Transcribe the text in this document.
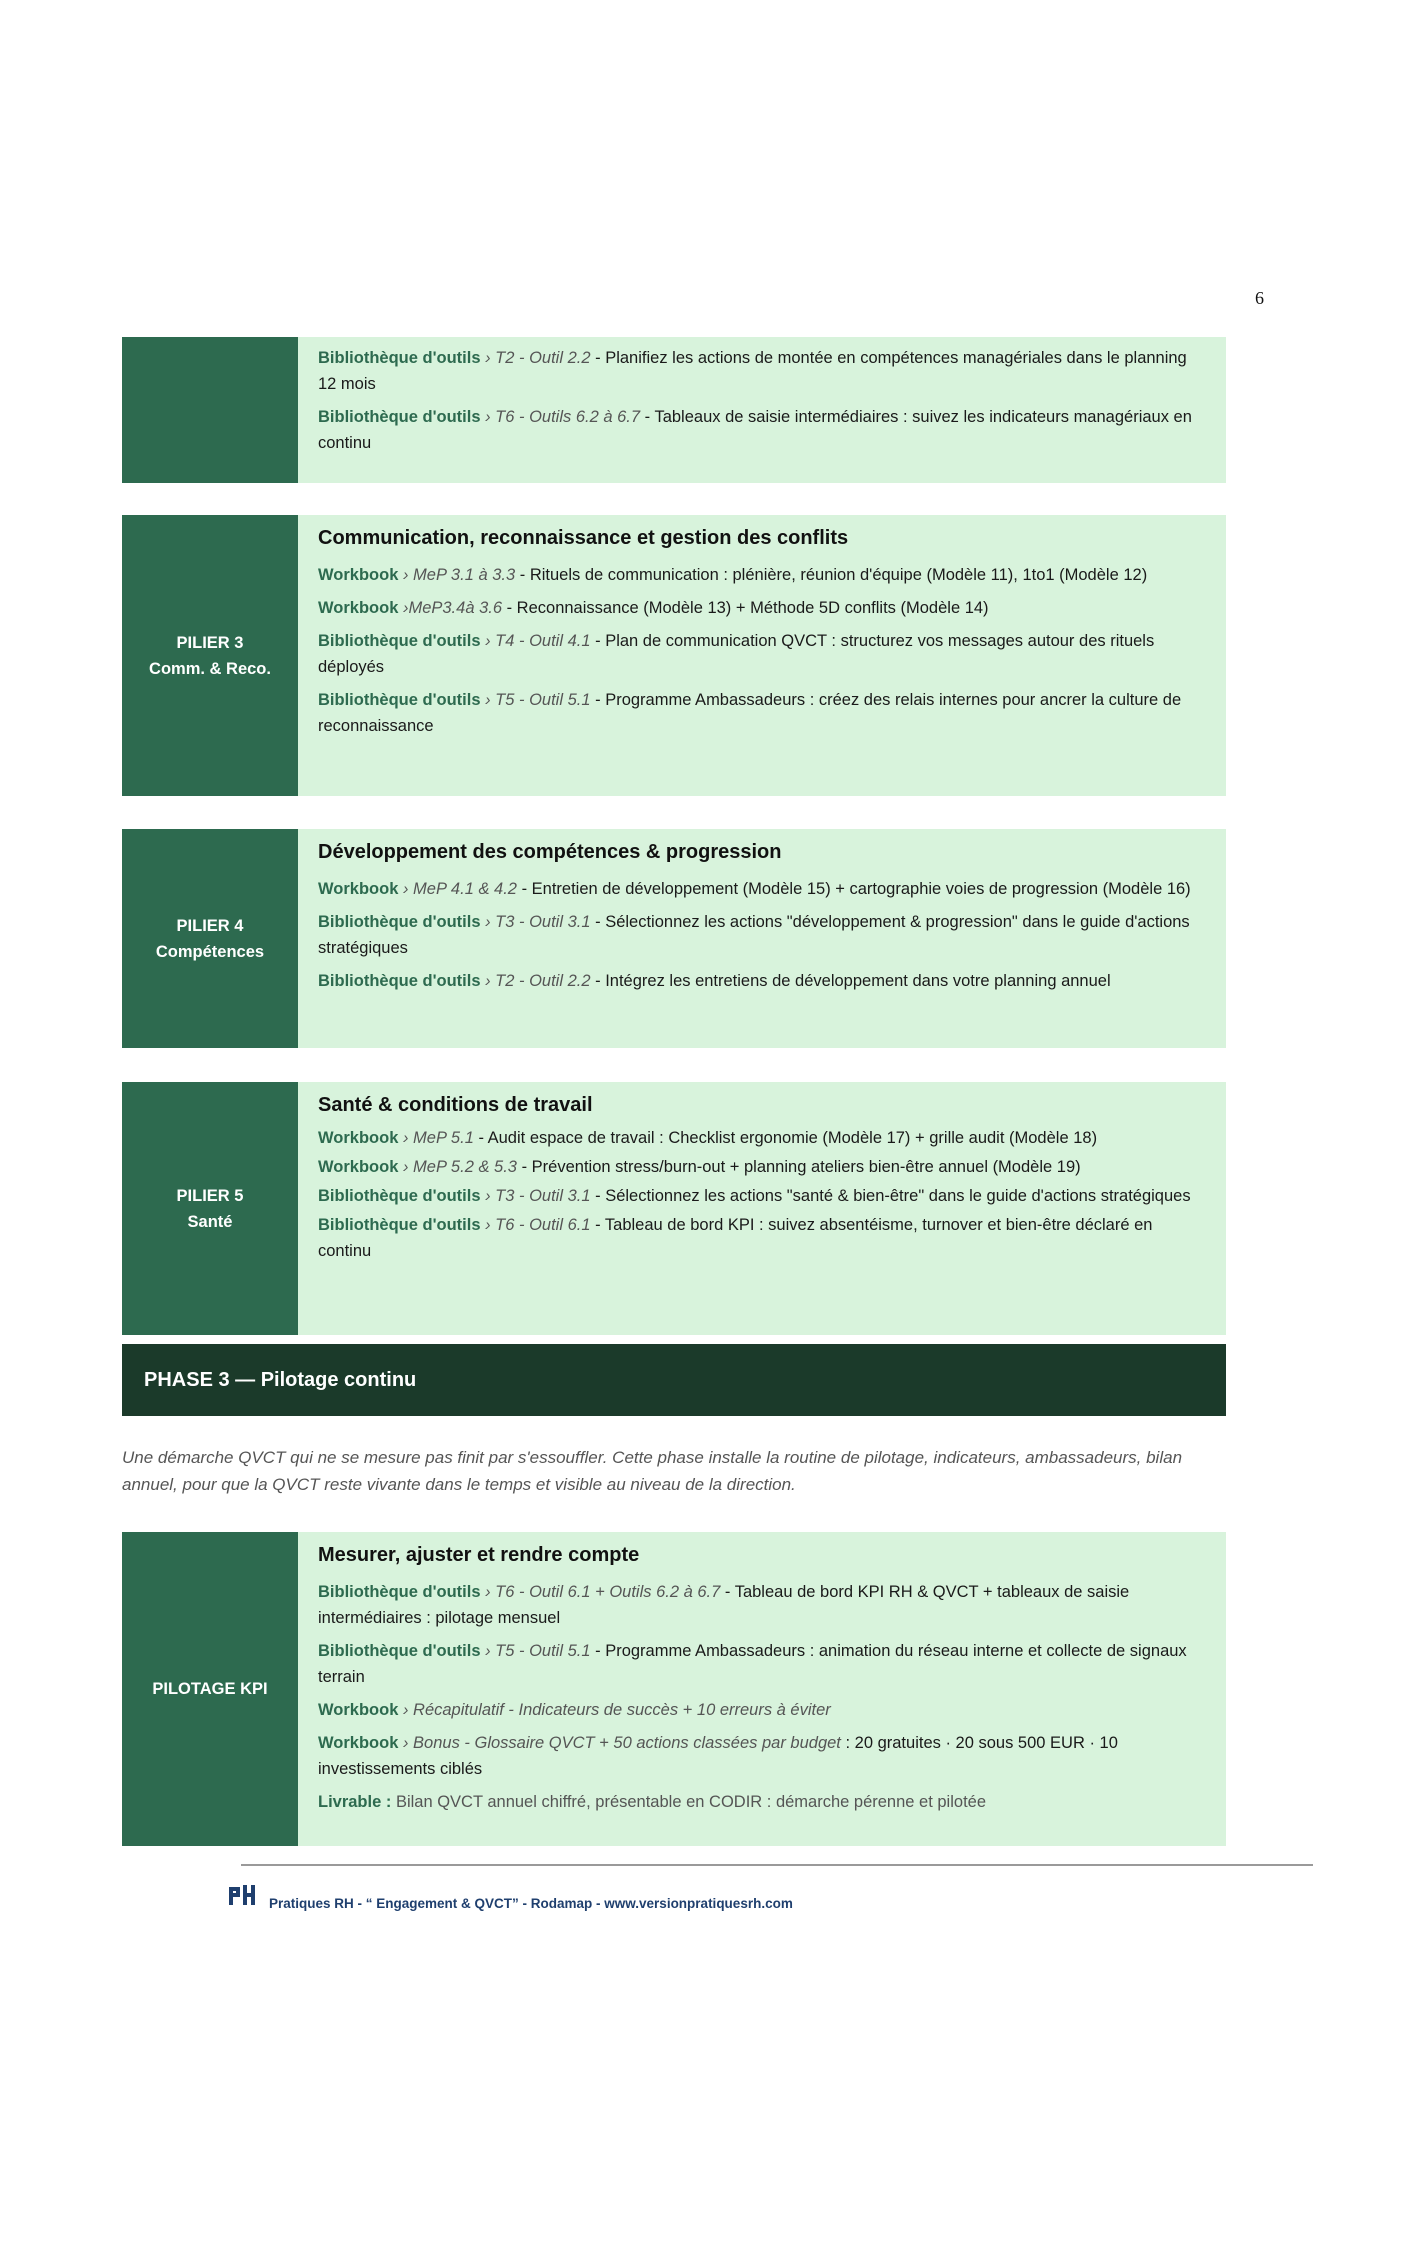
6
Bibliothèque d'outils › T2 - Outil 2.2 - Planifiez les actions de montée en compétences managériales dans le planning 12 mois
Bibliothèque d'outils › T6 - Outils 6.2 à 6.7 - Tableaux de saisie intermédiaires : suivez les indicateurs managériaux en continu
PILIER 3
Comm. & Reco.
Communication, reconnaissance et gestion des conflits
Workbook › MeP 3.1 à 3.3 - Rituels de communication : plénière, réunion d'équipe (Modèle 11), 1to1 (Modèle 12)
Workbook ›MeP3.4à 3.6 - Reconnaissance (Modèle 13) + Méthode 5D conflits (Modèle 14)
Bibliothèque d'outils › T4 - Outil 4.1 - Plan de communication QVCT : structurez vos messages autour des rituels déployés
Bibliothèque d'outils › T5 - Outil 5.1 - Programme Ambassadeurs : créez des relais internes pour ancrer la culture de reconnaissance
PILIER 4
Compétences
Développement des compétences & progression
Workbook › MeP 4.1 & 4.2 - Entretien de développement (Modèle 15) + cartographie voies de progression (Modèle 16)
Bibliothèque d'outils › T3 - Outil 3.1 - Sélectionnez les actions "développement & progression" dans le guide d'actions stratégiques
Bibliothèque d'outils › T2 - Outil 2.2 - Intégrez les entretiens de développement dans votre planning annuel
PILIER 5
Santé
Santé & conditions de travail
Workbook › MeP 5.1 - Audit espace de travail : Checklist ergonomie (Modèle 17) + grille audit (Modèle 18)
Workbook › MeP 5.2 & 5.3 - Prévention stress/burn-out + planning ateliers bien-être annuel (Modèle 19)
Bibliothèque d'outils › T3 - Outil 3.1 - Sélectionnez les actions "santé & bien-être" dans le guide d'actions stratégiques
Bibliothèque d'outils › T6 - Outil 6.1 - Tableau de bord KPI : suivez absentéisme, turnover et bien-être déclaré en continu
PHASE 3 — Pilotage continu
Une démarche QVCT qui ne se mesure pas finit par s'essouffler. Cette phase installe la routine de pilotage, indicateurs, ambassadeurs, bilan annuel, pour que la QVCT reste vivante dans le temps et visible au niveau de la direction.
PILOTAGE KPI
Mesurer, ajuster et rendre compte
Bibliothèque d'outils › T6 - Outil 6.1 + Outils 6.2 à 6.7 - Tableau de bord KPI RH & QVCT + tableaux de saisie intermédiaires : pilotage mensuel
Bibliothèque d'outils › T5 - Outil 5.1 - Programme Ambassadeurs : animation du réseau interne et collecte de signaux terrain
Workbook › Récapitulatif - Indicateurs de succès + 10 erreurs à éviter
Workbook › Bonus - Glossaire QVCT + 50 actions classées par budget : 20 gratuites · 20 sous 500 EUR · 10 investissements ciblés
Livrable : Bilan QVCT annuel chiffré, présentable en CODIR : démarche pérenne et pilotée
Pratiques RH - “ Engagement & QVCT” - Rodamap - www.versionpratiquesrh.com
